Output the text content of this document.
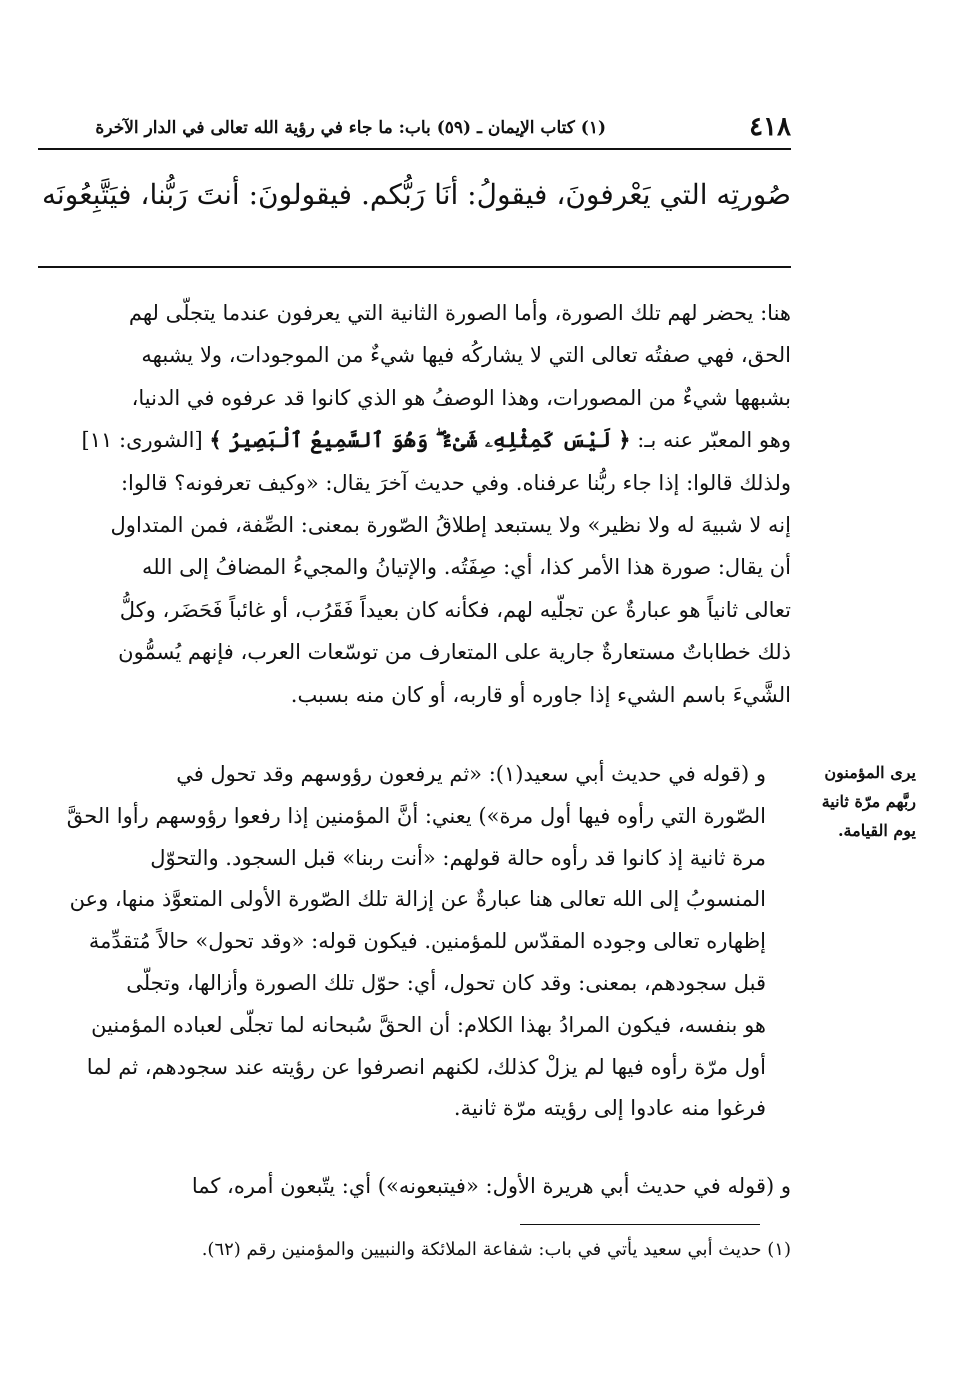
٤١٨
(١) كتاب الإيمان ـ (٥٩) باب: ما جاء في رؤية الله تعالى في الدار الآخرة
صُورتِه التي يَعْرفونَ، فيقولُ: أنَا رَبُّكم. فيقولونَ: أنتَ رَبُّنا، فيَتَّبِعُونَه
هنا: يحضر لهم تلك الصورة، وأما الصورة الثانية التي يعرفون عندما يتجلّى لهم
الحق، فهي صفتُه تعالى التي لا يشاركُه فيها شيءٌ من الموجودات، ولا يشبهه
بشبهها شيءٌ من المصورات، وهذا الوصفُ هو الذي كانوا قد عرفوه في الدنيا،
وهو المعبّر عنه بـ: ﴿ لَيْسَ كَمِثْلِهِۦ شَىْءٌ ۖ وَهُوَ ٱلسَّمِيعُ ٱلْبَصِيرُ ﴾ [الشورى: ١١]
ولذلك قالوا: إذا جاء ربُّنا عرفناه. وفي حديث آخرَ يقال: «وكيف تعرفونه؟ قالوا:
إنه لا شبيهَ له ولا نظير» ولا يستبعد إطلاقُ الصّورة بمعنى: الصِّفة، فمن المتداول
أن يقال: صورة هذا الأمر كذا، أي: صِفَتُه. والإتيانُ والمجيءُ المضافُ إلى الله
تعالى ثانياً هو عبارةٌ عن تجلّيه لهم، فكأنه كان بعيداً فَقَرُب، أو غائباً فَحَضَر، وكلُّ
ذلك خطاباتٌ مستعارةٌ جارية على المتعارف من توسّعات العرب، فإنهم يُسمُّون
الشَّيءَ باسم الشيء إذا جاوره أو قاربه، أو كان منه بسبب.
يرى المؤمنون
ربَّهم مرّة ثانية
يوم القيامة.
و (قوله في حديث أبي سعيد(١): «ثم يرفعون رؤوسهم وقد تحول في
الصّورة التي رأوه فيها أول مرة») يعني: أنَّ المؤمنين إذا رفعوا رؤوسهم رأوا الحقَّ
مرة ثانية إذ كانوا قد رأوه حالة قولهم: «أنت ربنا» قبل السجود. والتحوّل
المنسوبُ إلى الله تعالى هنا عبارةٌ عن إزالة تلك الصّورة الأولى المتعوَّذ منها، وعن
إظهاره تعالى وجوده المقدّس للمؤمنين. فيكون قوله: «وقد تحول» حالاً مُتقدِّمة
قبل سجودهم، بمعنى: وقد كان تحول، أي: حوّل تلك الصورة وأزالها، وتجلّى
هو بنفسه، فيكون المرادُ بهذا الكلام: أن الحقَّ سُبحانه لما تجلّى لعباده المؤمنين
أول مرّة رأوه فيها لم يزلْ كذلك، لكنهم انصرفوا عن رؤيته عند سجودهم، ثم لما
فرغوا منه عادوا إلى رؤيته مرّة ثانية.
و (قوله في حديث أبي هريرة الأول: «فيتبعونه») أي: يتّبعون أمره، كما
(١) حديث أبي سعيد يأتي في باب: شفاعة الملائكة والنبيين والمؤمنين رقم (٦٢).
